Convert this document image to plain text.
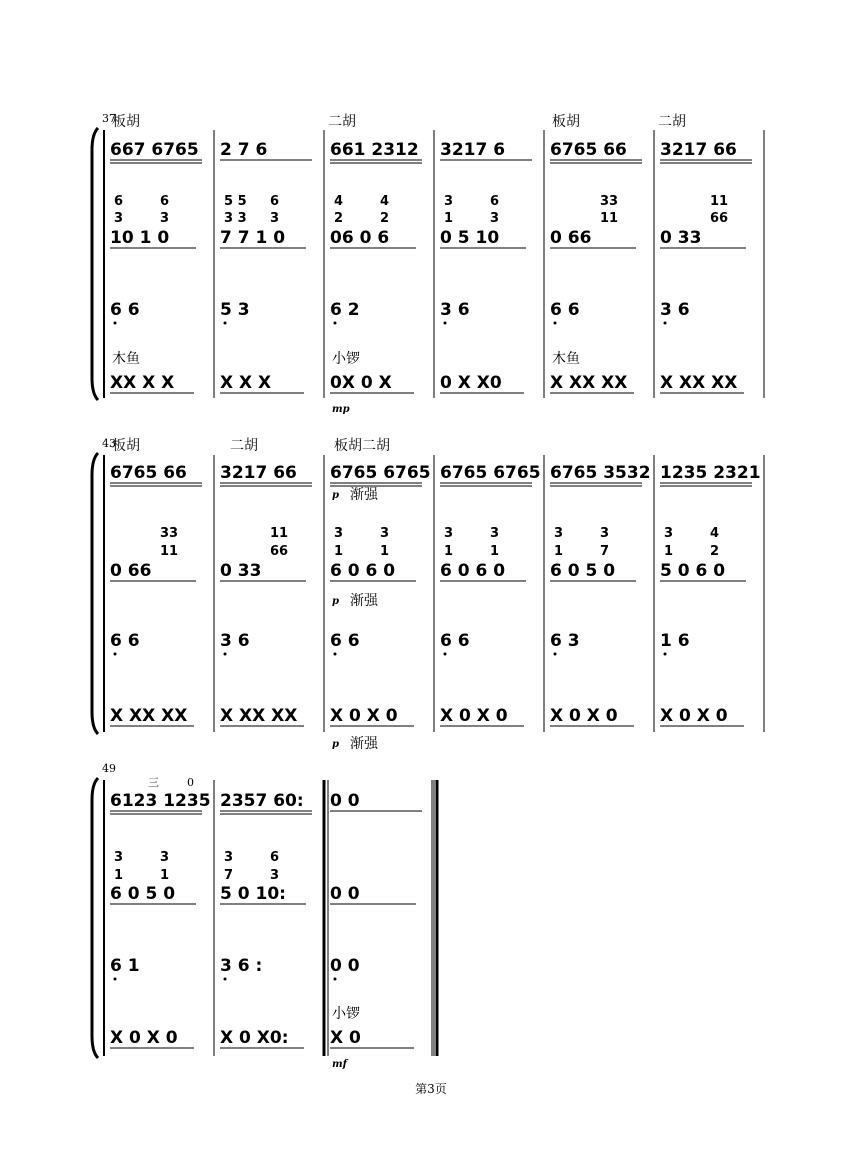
37
板胡	二胡	板胡	二胡
木鱼	小锣	木鱼
mp
667 6765
6	6
3	3
10 1 0
6 6
XX X X
2 7 6
5 5 6
3 3 3
7 7 1 0
5 3
X X X
661 2312
4	4
2	2
06 0 6
6 2
0X 0 X
3217 6
3	6
1	3
0 5 10
3 6
0 X X0
6765 66
33
11
0 66
6 6
X XX XX
3217 66
11
66
0 33
3 6
X XX XX
43
板胡	二胡	板胡二胡
p 渐强
p 渐强
p 渐强
6765 66
33
11
0 66
6 6
X XX XX
3217 66
11
66
0 33
3 6
X XX XX
6765 6765
3	3
1	1
6 0 6 0
6 6
X 0 X 0
6765 6765
3	3
1	1
6 0 6 0
6 6
X 0 X 0
6765 3532
3	3
1	7
6 0 5 0
6 3
X 0 X 0
1235 2321
3	4
1	2
5 0 6 0
1 6
X 0 X 0
49
三	0
小锣
mf
6123 1235
3	3
1	1
6 0 5 0
6 1
X 0 X 0
2357 60:
3	6
7	3
5 0 10:
3 6 :
X 0 X0:
0 0
0 0
0 0
X 0
第3页
